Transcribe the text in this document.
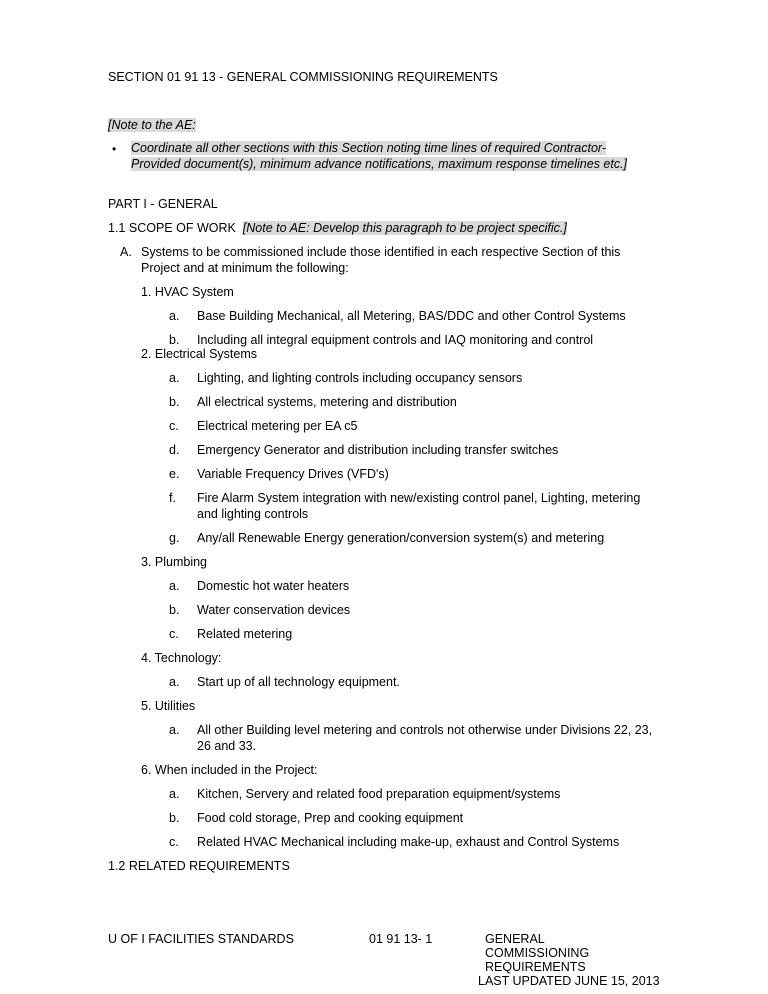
SECTION 01 91 13 - GENERAL COMMISSIONING REQUIREMENTS
[Note to the AE:
• Coordinate all other sections with this Section noting time lines of required Contractor-
Provided document(s), minimum advance notifications, maximum response timelines etc.]
PART I - GENERAL
1.1 SCOPE OF WORK [Note to AE: Develop this paragraph to be project specific.]
A. Systems to be commissioned include those identified in each respective Section of this
Project and at minimum the following:
1. HVAC System
a. Base Building Mechanical, all Metering, BAS/DDC and other Control Systems
b. Including all integral equipment controls and IAQ monitoring and control
2. Electrical Systems
a. Lighting, and lighting controls including occupancy sensors
b. All electrical systems, metering and distribution
c. Electrical metering per EA c5
d. Emergency Generator and distribution including transfer switches
e. Variable Frequency Drives (VFD's)
f. Fire Alarm System integration with new/existing control panel, Lighting, metering
and lighting controls
g. Any/all Renewable Energy generation/conversion system(s) and metering
3. Plumbing
a. Domestic hot water heaters
b. Water conservation devices
c. Related metering
4. Technology:
a. Start up of all technology equipment.
5. Utilities
a. All other Building level metering and controls not otherwise under Divisions 22, 23,
26 and 33.
6. When included in the Project:
a. Kitchen, Servery and related food preparation equipment/systems
b. Food cold storage, Prep and cooking equipment
c. Related HVAC Mechanical including make-up, exhaust and Control Systems
1.2 RELATED REQUIREMENTS
U OF I FACILITIES STANDARDS	01 91 13- 1	GENERAL
COMMISSIONING
REQUIREMENTS
LAST UPDATED JUNE 15, 2013
